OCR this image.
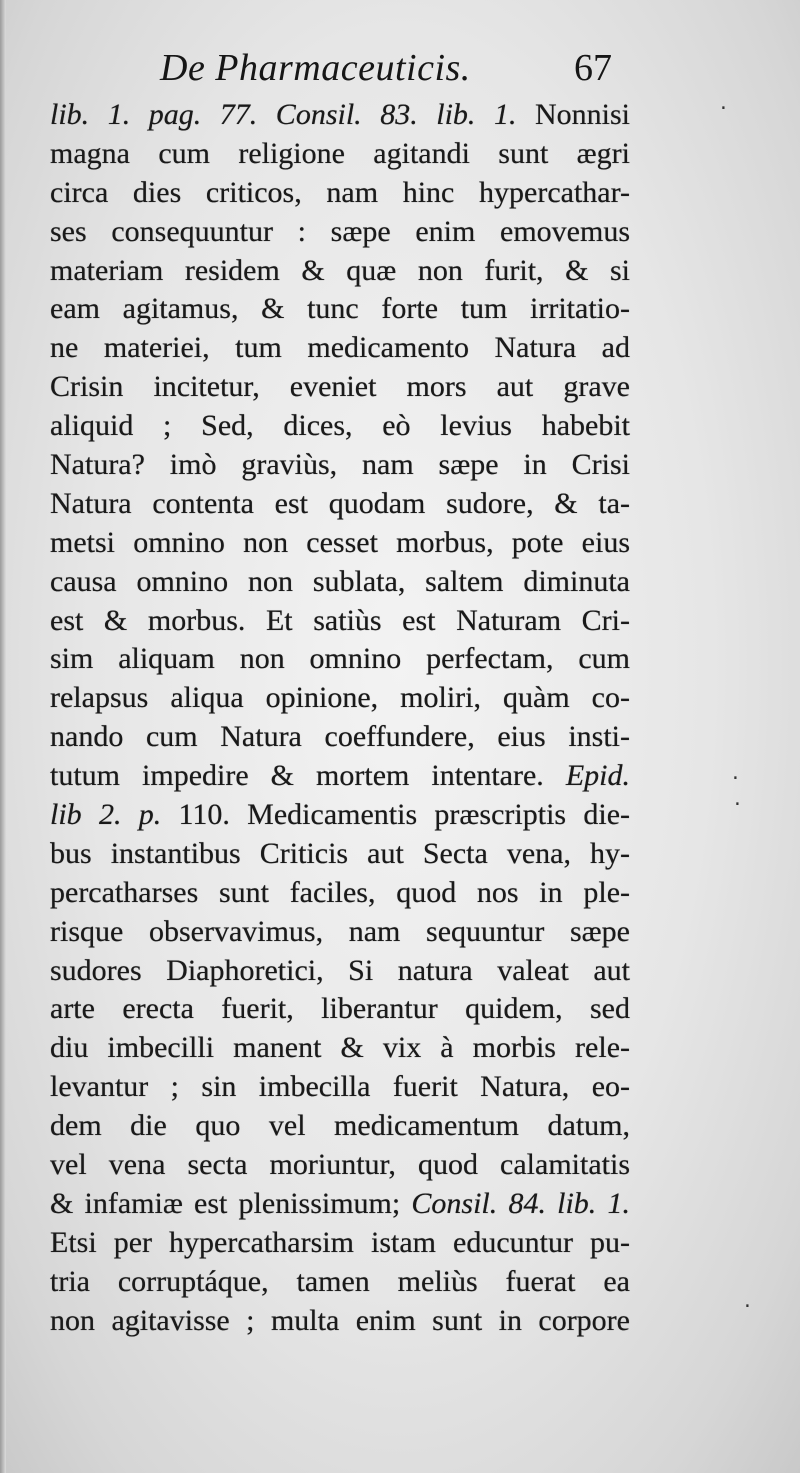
De Pharmaceuticis.	67
lib. 1. pag. 77. Consil. 83. lib. 1. Nonnisi
magna cum religione agitandi sunt ægri
circa dies criticos, nam hinc hypercathar-
ses consequuntur : sæpe enim emovemus
materiam residem & quæ non furit, & si
eam agitamus, & tunc forte tum irritatio-
ne materiei, tum medicamento Natura ad
Crisin incitetur, eveniet mors aut grave
aliquid ; Sed, dices, eò levius habebit
Natura? imò graviùs, nam sæpe in Crisi
Natura contenta est quodam sudore, & ta-
metsi omnino non cesset morbus, pote eius
causa omnino non sublata, saltem diminuta
est & morbus. Et satiùs est Naturam Cri-
sim aliquam non omnino perfectam, cum
relapsus aliqua opinione, moliri, quàm co-
nando cum Natura coeffundere, eius insti-
tutum impedire & mortem intentare. Epid.
lib 2. p. 110. Medicamentis præscriptis die-
bus instantibus Criticis aut Secta vena, hy-
percatharses sunt faciles, quod nos in ple-
risque observavimus, nam sequuntur sæpe
sudores Diaphoretici, Si natura valeat aut
arte erecta fuerit, liberantur quidem, sed
diu imbecilli manent & vix à morbis rele-
levantur ; sin imbecilla fuerit Natura, eo-
dem die quo vel medicamentum datum,
vel vena secta moriuntur, quod calamitatis
& infamiæ est plenissimum; Consil. 84. lib. 1.
Etsi per hypercatharsim istam educuntur pu-
tria corruptáque, tamen meliùs fuerat ea
non agitavisse ; multa enim sunt in corpore
·
·
·
·
